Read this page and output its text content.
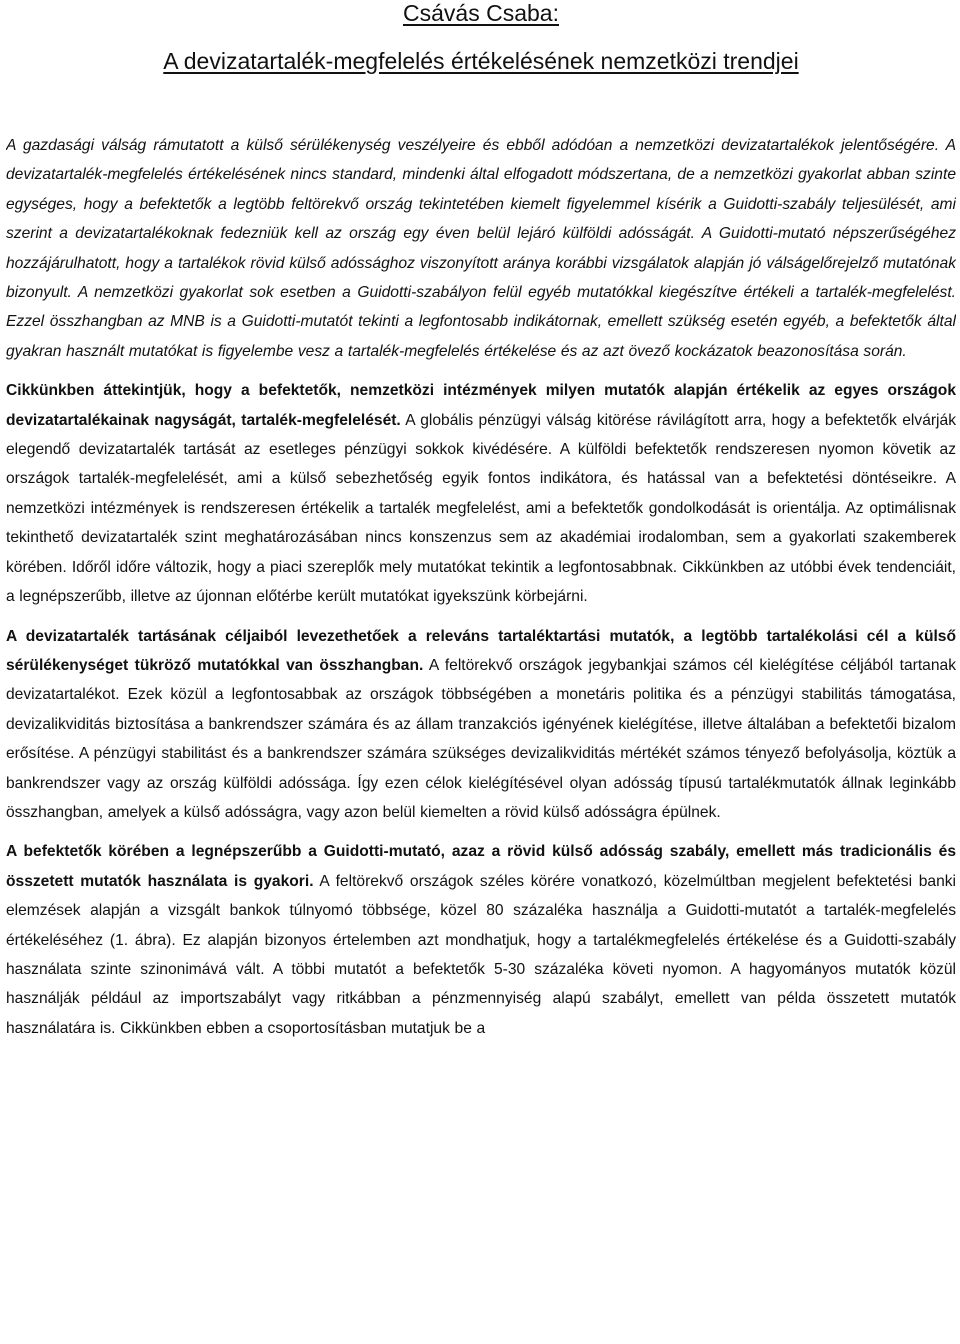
Csávás Csaba:
A devizatartalék-megfelelés értékelésének nemzetközi trendjei

A gazdasági válság rámutatott a külső sérülékenység veszélyeire és ebből adódóan a nemzetközi devizatartalékok jelentőségére. A devizatartalék-megfelelés értékelésének nincs standard, mindenki által elfogadott módszertana, de a nemzetközi gyakorlat abban szinte egységes, hogy a befektetők a legtöbb feltörekvő ország tekintetében kiemelt figyelemmel kísérik a Guidotti-szabály teljesülését, ami szerint a devizatartalékoknak fedezniük kell az ország egy éven belül lejáró külföldi adósságát. A Guidotti-mutató népszerűségéhez hozzájárulhatott, hogy a tartalékok rövid külső adóssághoz viszonyított aránya korábbi vizsgálatok alapján jó válságelőrejelző mutatónak bizonyult. A nemzetközi gyakorlat sok esetben a Guidotti-szabályon felül egyéb mutatókkal kiegészítve értékeli a tartalék-megfelelést. Ezzel összhangban az MNB is a Guidotti-mutatót tekinti a legfontosabb indikátornak, emellett szükség esetén egyéb, a befektetők által gyakran használt mutatókat is figyelembe vesz a tartalék-megfelelés értékelése és az azt övező kockázatok beazonosítása során.

Cikkünkben áttekintjük, hogy a befektetők, nemzetközi intézmények milyen mutatók alapján értékelik az egyes országok devizatartalékainak nagyságát, tartalék-megfelelését. A globális pénzügyi válság kitörése rávilágított arra, hogy a befektetők elvárják elegendő devizatartalék tartását az esetleges pénzügyi sokkok kivédésére. A külföldi befektetők rendszeresen nyomon követik az országok tartalék-megfelelését, ami a külső sebezhetőség egyik fontos indikátora, és hatással van a befektetési döntéseikre. A nemzetközi intézmények is rendszeresen értékelik a tartalék megfelelést, ami a befektetők gondolkodását is orientálja. Az optimálisnak tekinthető devizatartalék szint meghatározásában nincs konszenzus sem az akadémiai irodalomban, sem a gyakorlati szakemberek körében. Időről időre változik, hogy a piaci szereplők mely mutatókat tekintik a legfontosabbnak. Cikkünkben az utóbbi évek tendenciáit, a legnépszerűbb, illetve az újonnan előtérbe került mutatókat igyekszünk körbejárni.

A devizatartalék tartásának céljaiból levezethetőek a releváns tartaléktartási mutatók, a legtöbb tartalékolási cél a külső sérülékenységet tükröző mutatókkal van összhangban. A feltörekvő országok jegybankjai számos cél kielégítése céljából tartanak devizatartalékot. Ezek közül a legfontosabbak az országok többségében a monetáris politika és a pénzügyi stabilitás támogatása, devizalikviditás biztosítása a bankrendszer számára és az állam tranzakciós igényének kielégítése, illetve általában a befektetői bizalom erősítése. A pénzügyi stabilitást és a bankrendszer számára szükséges devizalikviditás mértékét számos tényező befolyásolja, köztük a bankrendszer vagy az ország külföldi adóssága. Így ezen célok kielégítésével olyan adósság típusú tartalékmutatók állnak leginkább összhangban, amelyek a külső adósságra, vagy azon belül kiemelten a rövid külső adósságra épülnek.

A befektetők körében a legnépszerűbb a Guidotti-mutató, azaz a rövid külső adósság szabály, emellett más tradicionális és összetett mutatók használata is gyakori. A feltörekvő országok széles körére vonatkozó, közelmúltban megjelent befektetési banki elemzések alapján a vizsgált bankok túlnyomó többsége, közel 80 százaléka használja a Guidotti-mutatót a tartalék-megfelelés értékeléséhez (1. ábra). Ez alapján bizonyos értelemben azt mondhatjuk, hogy a tartalékmegfelelés értékelése és a Guidotti-szabály használata szinte szinonimává vált. A többi mutatót a befektetők 5-30 százaléka követi nyomon. A hagyományos mutatók közül használják például az importszabályt vagy ritkábban a pénzmennyiség alapú szabályt, emellett van példa összetett mutatók használatára is. Cikkünkben ebben a csoportosításban mutatjuk be a
